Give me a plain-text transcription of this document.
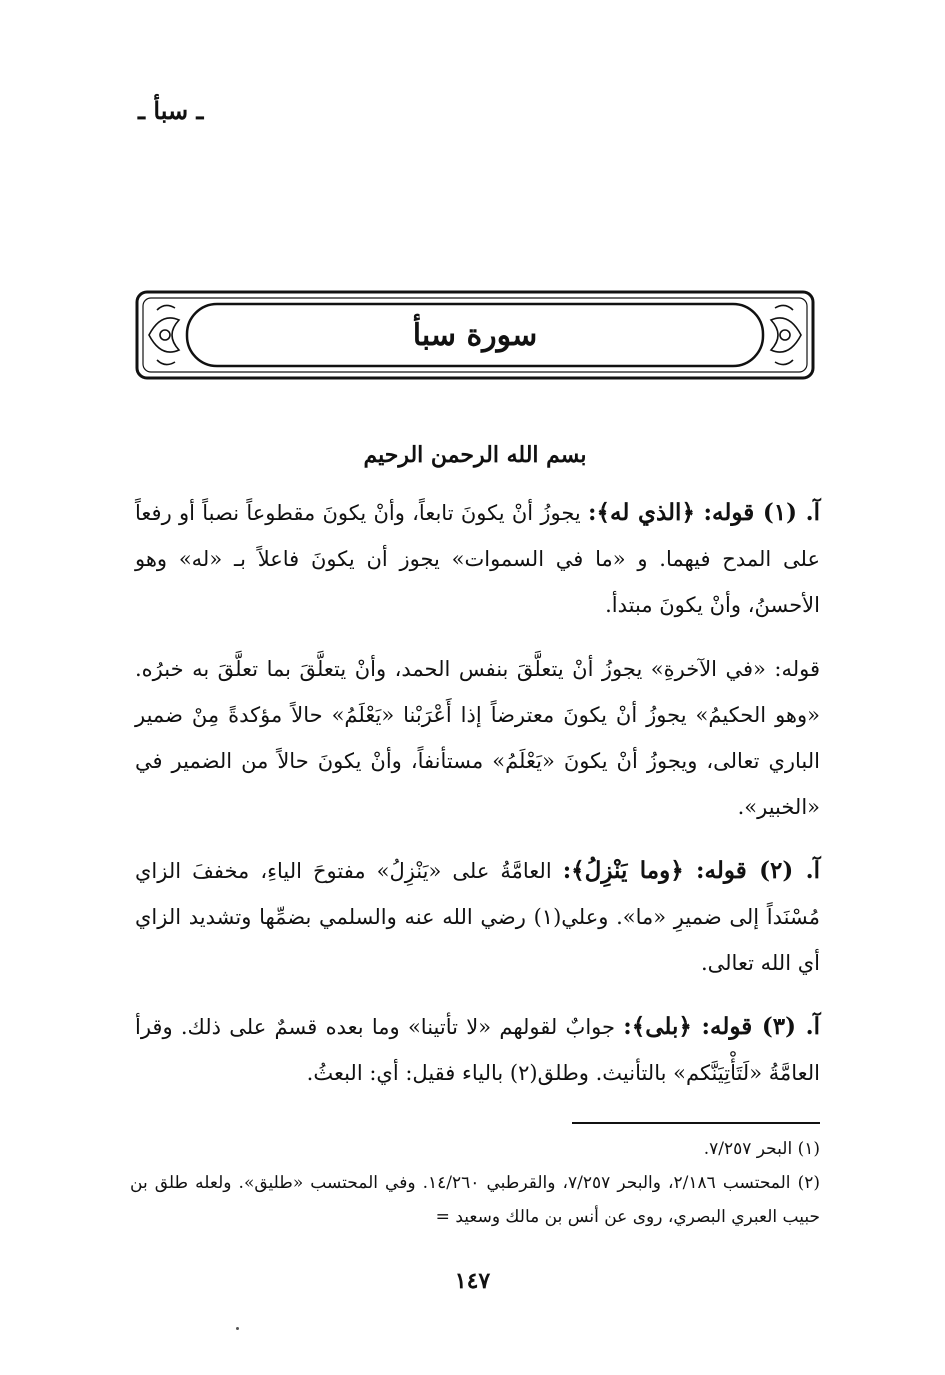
ـ سبأ ـ
سورة سبأ
بسم الله الرحمن الرحيم

آ. (١) قوله: ﴿الذي له﴾: يجوزُ أنْ يكونَ تابعاً، وأنْ يكونَ مقطوعاً نصباً أو رفعاً على المدح فيهما. و «ما في السموات» يجوز أن يكونَ فاعلاً بـ «له» وهو الأحسنُ، وأنْ يكونَ مبتدأ.

قوله: «في الآخرةِ» يجوزُ أنْ يتعلَّقَ بنفس الحمد، وأنْ يتعلَّقَ بما تعلَّقَ به خبرُه. «وهو الحكيمُ» يجوزُ أنْ يكونَ معترضاً إذا أَعْرَبْنا «يَعْلَمُ» حالاً مؤكدةً مِنْ ضمير الباري تعالى، ويجوزُ أنْ يكونَ «يَعْلَمُ» مستأنفاً، وأنْ يكونَ حالاً من الضمير في «الخبير».

آ. (٢) قوله: ﴿وما يَنْزِلُ﴾: العامَّةُ على «يَنْزِلُ» مفتوحَ الياءِ، مخففَ الزاي مُسْنَداً إلى ضميرِ «ما». وعلي(١) رضي الله عنه والسلمي بضمِّها وتشديد الزاي أي الله تعالى.

آ. (٣) قوله: ﴿بلى﴾: جوابٌ لقولهم «لا تأتينا» وما بعده قسمٌ على ذلك. وقرأ العامَّةُ «لَتَأْتِيَنَّكم» بالتأنيث. وطلق(٢) بالياء فقيل: أي: البعثُ.

(١) البحر ٧/٢٥٧.

(٢) المحتسب ٢/١٨٦، والبحر ٧/٢٥٧، والقرطبي ١٤/٢٦٠. وفي المحتسب «طليق». ولعله طلق بن حبيب العبري البصري، روى عن أنس بن مالك وسعيد =

١٤٧
